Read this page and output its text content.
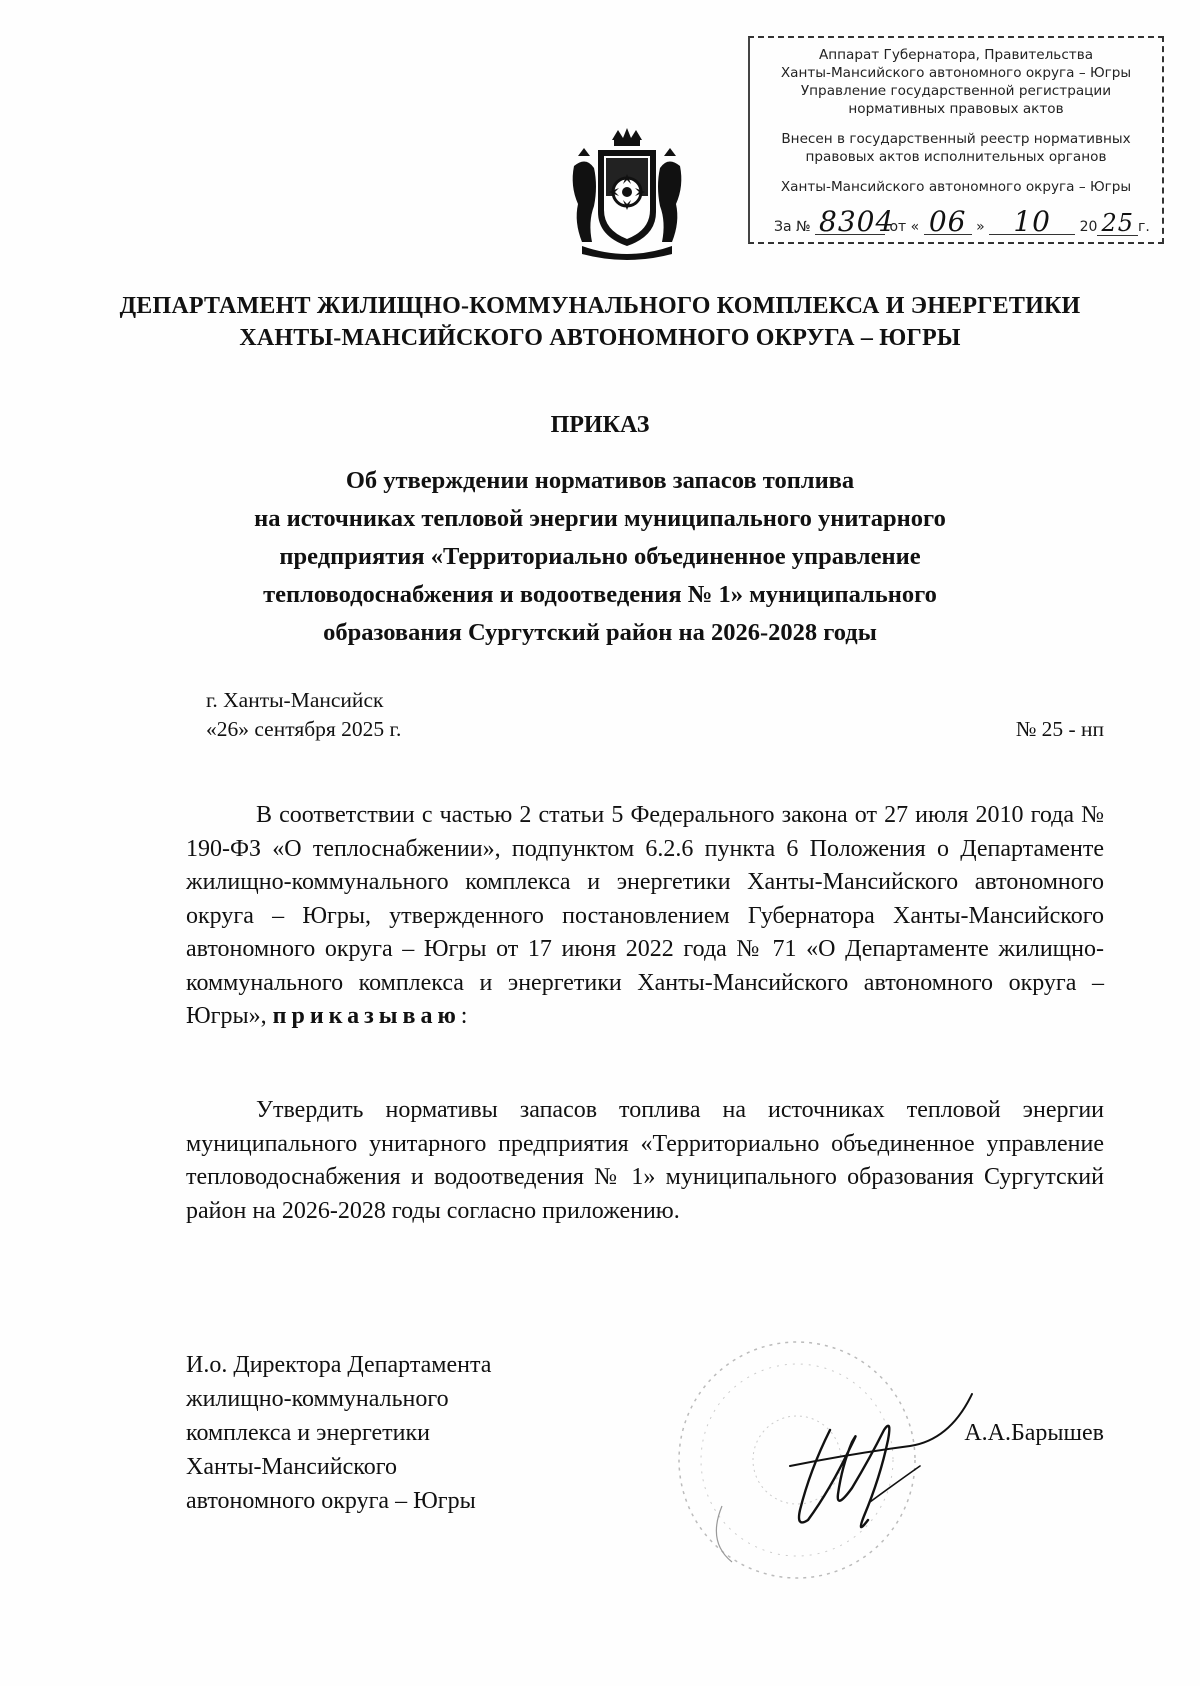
Аппарат Губернатора, Правительства
Ханты-Мансийского автономного округа – Югры
Управление государственной регистрации
нормативных правовых актов
Внесен в государственный реестр нормативных
правовых актов исполнительных органов
Ханты-Мансийского автономного округа – Югры
За № 8304 от « 06 » 10 20 25 г.
ДЕПАРТАМЕНТ ЖИЛИЩНО-КОММУНАЛЬНОГО КОМПЛЕКСА И ЭНЕРГЕТИКИ
ХАНТЫ-МАНСИЙСКОГО АВТОНОМНОГО ОКРУГА – ЮГРЫ
ПРИКАЗ
Об утверждении нормативов запасов топлива
на источниках тепловой энергии муниципального унитарного
предприятия «Территориально объединенное управление
тепловодоснабжения и водоотведения № 1» муниципального
образования Сургутский район на 2026-2028 годы
г. Ханты-Мансийск
«26» сентября 2025 г.	№ 25 - нп

В соответствии с частью 2 статьи 5 Федерального закона от 27 июля 2010 года № 190-ФЗ «О теплоснабжении», подпунктом 6.2.6 пункта 6 Положения о Департаменте жилищно-коммунального комплекса и энергетики Ханты-Мансийского автономного округа – Югры, утвержденного постановлением Губернатора Ханты-Мансийского автономного округа – Югры от 17 июня 2022 года № 71 «О Департаменте жилищно-коммунального комплекса и энергетики Ханты-Мансийского автономного округа – Югры», приказываю:

Утвердить нормативы запасов топлива на источниках тепловой энергии муниципального унитарного предприятия «Территориально объединенное управление тепловодоснабжения и водоотведения № 1» муниципального образования Сургутский район на 2026-2028 годы согласно приложению.

И.о. Директора Департамента
жилищно-коммунального
комплекса и энергетики
Ханты-Мансийского
автономного округа – Югры
А.А.Барышев
